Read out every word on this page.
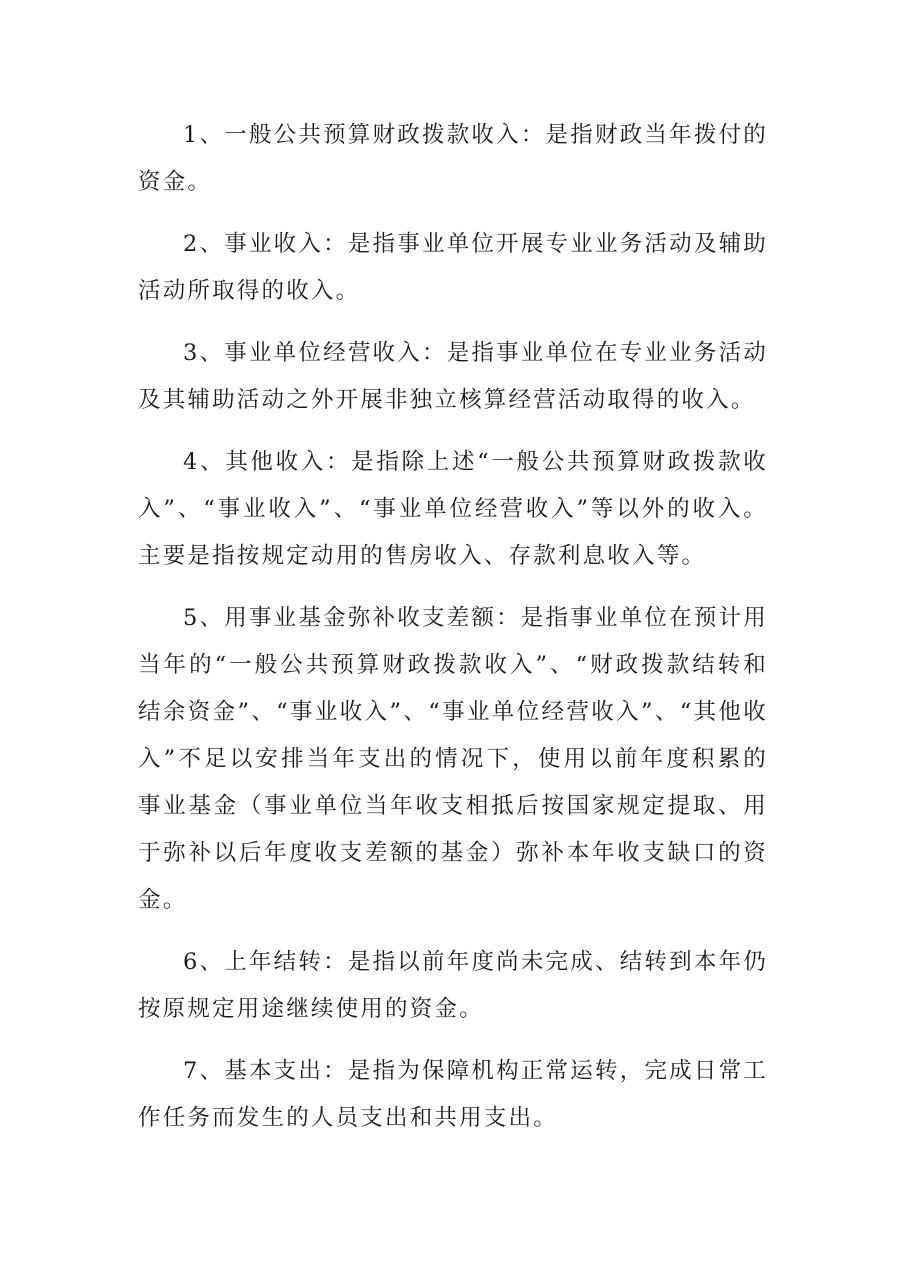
1、一般公共预算财政拨款收入：是指财政当年拨付的资金。

2、事业收入：是指事业单位开展专业业务活动及辅助活动所取得的收入。

3、事业单位经营收入：是指事业单位在专业业务活动及其辅助活动之外开展非独立核算经营活动取得的收入。

4、其他收入：是指除上述“一般公共预算财政拨款收入”、“事业收入”、“事业单位经营收入”等以外的收入。主要是指按规定动用的售房收入、存款利息收入等。

5、用事业基金弥补收支差额：是指事业单位在预计用当年的“一般公共预算财政拨款收入”、“财政拨款结转和结余资金”、“事业收入”、“事业单位经营收入”、“其他收入”不足以安排当年支出的情况下，使用以前年度积累的事业基金（事业单位当年收支相抵后按国家规定提取、用于弥补以后年度收支差额的基金）弥补本年收支缺口的资金。

6、上年结转：是指以前年度尚未完成、结转到本年仍按原规定用途继续使用的资金。

7、基本支出：是指为保障机构正常运转，完成日常工作任务而发生的人员支出和共用支出。
